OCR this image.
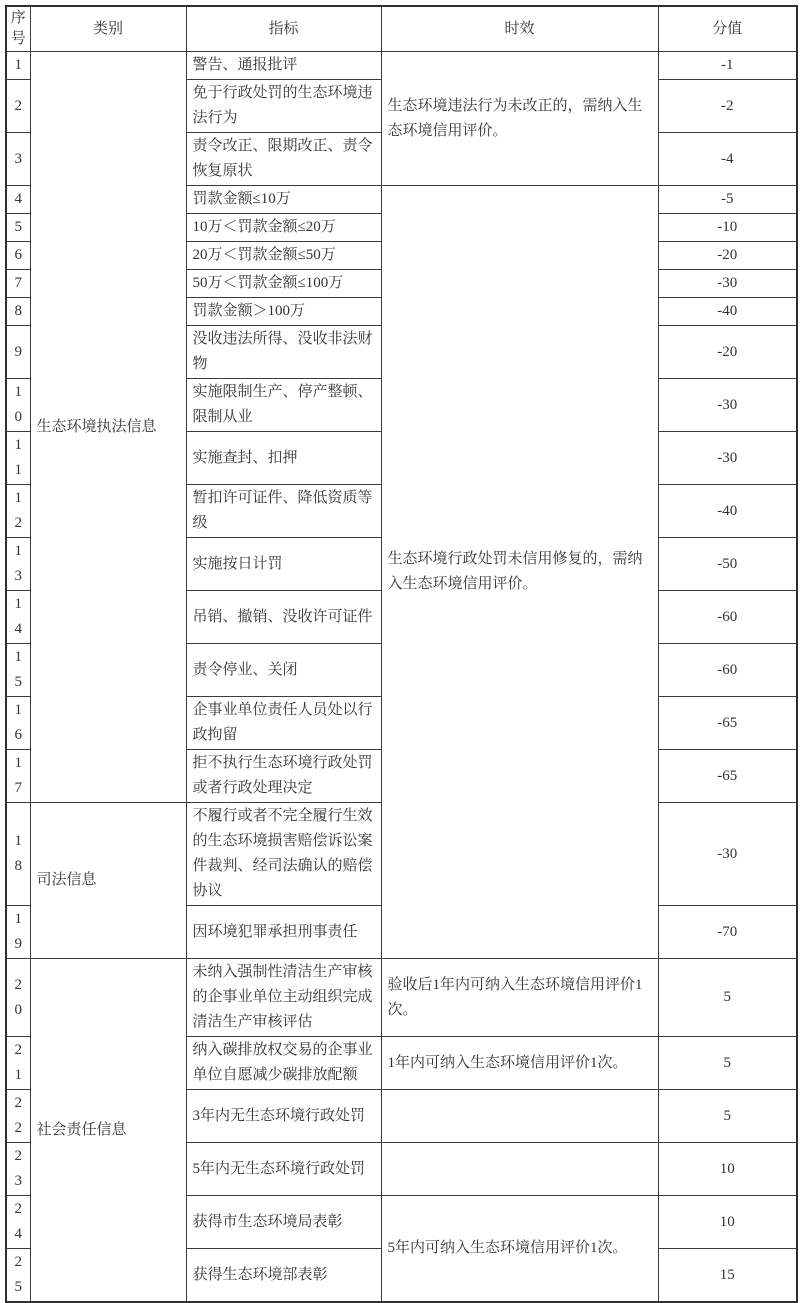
序号	类别	指标	时效	分值
1	生态环境执法信息	警告、通报批评	生态环境违法行为未改正的，需纳入生态环境信用评价。	-1
2		免于行政处罚的生态环境违法行为		-2
3		责令改正、限期改正、责令恢复原状		-4
4		罚款金额≤10万	生态环境行政处罚未信用修复的，需纳入生态环境信用评价。	-5
5		10万＜罚款金额≤20万		-10
6		20万＜罚款金额≤50万		-20
7		50万＜罚款金额≤100万		-30
8		罚款金额＞100万		-40
9		没收违法所得、没收非法财物		-20
10		实施限制生产、停产整顿、限制从业		-30
11		实施查封、扣押		-30
12		暂扣许可证件、降低资质等级		-40
13		实施按日计罚		-50
14		吊销、撤销、没收许可证件		-60
15		责令停业、关闭		-60
16		企事业单位责任人员处以行政拘留		-65
17		拒不执行生态环境行政处罚或者行政处理决定		-65
18	司法信息	不履行或者不完全履行生效的生态环境损害赔偿诉讼案件裁判、经司法确认的赔偿协议		-30
19		因环境犯罪承担刑事责任		-70
20	社会责任信息	未纳入强制性清洁生产审核的企事业单位主动组织完成清洁生产审核评估	验收后1年内可纳入生态环境信用评价1次。	5
21		纳入碳排放权交易的企事业单位自愿减少碳排放配额	1年内可纳入生态环境信用评价1次。	5
22		3年内无生态环境行政处罚		5
23		5年内无生态环境行政处罚		10
24		获得市生态环境局表彰	5年内可纳入生态环境信用评价1次。	10
25		获得生态环境部表彰		15
